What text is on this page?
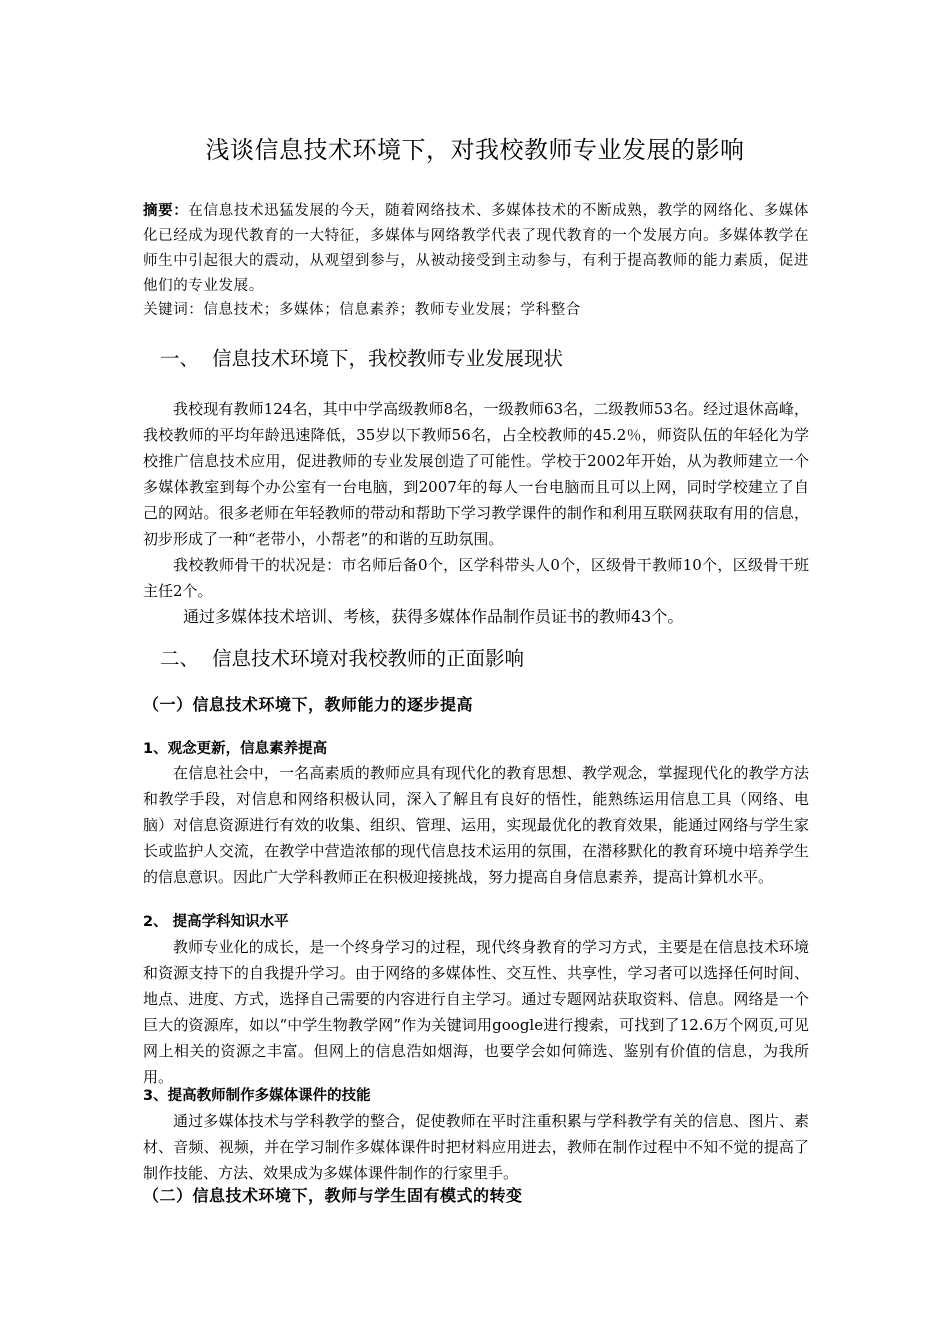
浅谈信息技术环境下，对我校教师专业发展的影响
摘要：在信息技术迅猛发展的今天，随着网络技术、多媒体技术的不断成熟，教学的网络化、多媒体化已经成为现代教育的一大特征，多媒体与网络教学代表了现代教育的一个发展方向。多媒体教学在师生中引起很大的震动，从观望到参与，从被动接受到主动参与，有利于提高教师的能力素质，促进他们的专业发展。
关键词：信息技术；多媒体；信息素养；教师专业发展；学科整合
一、 信息技术环境下，我校教师专业发展现状

我校现有教师124名，其中中学高级教师8名，一级教师63名，二级教师53名。经过退休高峰，我校教师的平均年龄迅速降低，35岁以下教师56名，占全校教师的45.2％，师资队伍的年轻化为学校推广信息技术应用，促进教师的专业发展创造了可能性。学校于2002年开始，从为教师建立一个多媒体教室到每个办公室有一台电脑，到2007年的每人一台电脑而且可以上网，同时学校建立了自己的网站。很多老师在年轻教师的带动和帮助下学习教学课件的制作和利用互联网获取有用的信息，初步形成了一种“老带小，小帮老”的和谐的互助氛围。

我校教师骨干的状况是：市名师后备0个，区学科带头人0个，区级骨干教师10个，区级骨干班主任2个。

通过多媒体技术培训、考核，获得多媒体作品制作员证书的教师43个。

二、 信息技术环境对我校教师的正面影响
（一）信息技术环境下，教师能力的逐步提高
1、观念更新，信息素养提高

在信息社会中，一名高素质的教师应具有现代化的教育思想、教学观念，掌握现代化的教学方法和教学手段，对信息和网络积极认同，深入了解且有良好的悟性，能熟练运用信息工具（网络、电脑）对信息资源进行有效的收集、组织、管理、运用，实现最优化的教育效果，能通过网络与学生家长或监护人交流，在教学中营造浓郁的现代信息技术运用的氛围，在潜移默化的教育环境中培养学生的信息意识。因此广大学科教师正在积极迎接挑战，努力提高自身信息素养，提高计算机水平。

2、 提高学科知识水平

教师专业化的成长，是一个终身学习的过程，现代终身教育的学习方式，主要是在信息技术环境和资源支持下的自我提升学习。由于网络的多媒体性、交互性、共享性，学习者可以选择任何时间、地点、进度、方式，选择自己需要的内容进行自主学习。通过专题网站获取资料、信息。网络是一个巨大的资源库，如以“中学生物教学网”作为关键词用google进行搜索，可找到了12.6万个网页,可见网上相关的资源之丰富。但网上的信息浩如烟海，也要学会如何筛选、鉴别有价值的信息，为我所用。

3、提高教师制作多媒体课件的技能

通过多媒体技术与学科教学的整合，促使教师在平时注重积累与学科教学有关的信息、图片、素材、音频、视频，并在学习制作多媒体课件时把材料应用进去，教师在制作过程中不知不觉的提高了制作技能、方法、效果成为多媒体课件制作的行家里手。

（二）信息技术环境下，教师与学生固有模式的转变
